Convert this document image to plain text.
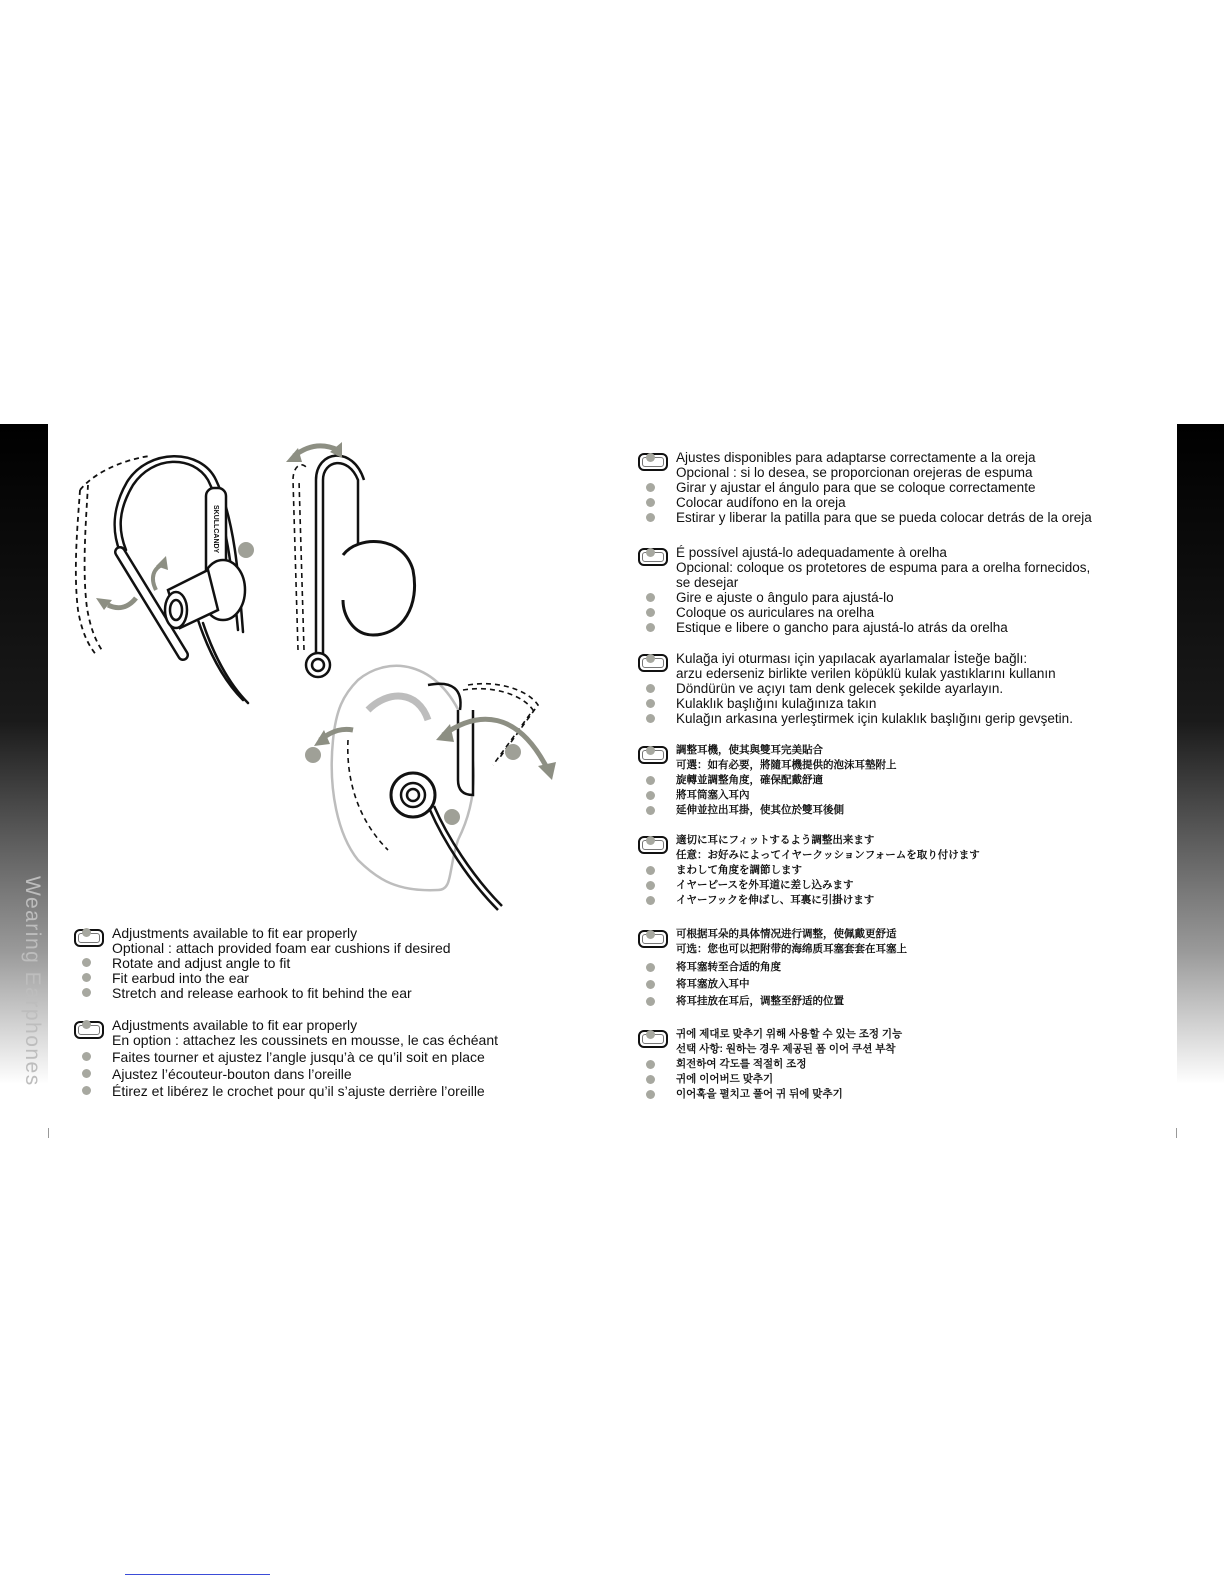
Wearing Earphones
SKULLCANDY
Adjustments available to fit ear properly
Optional : attach provided foam ear cushions if desired
Rotate and adjust angle to fit
Fit earbud into the ear
Stretch and release earhook to fit behind the ear
Adjustments available to fit ear properly
En option : attachez les coussinets en mousse, le cas échéant
Faites tourner et ajustez l’angle jusqu’à ce qu’il soit en place
Ajustez l’écouteur-bouton dans l’oreille
Étirez et libérez le crochet pour qu’il s’ajuste derrière l’oreille
Ajustes disponibles para adaptarse correctamente a la oreja
Opcional : si lo desea, se proporcionan orejeras de espuma
Girar y ajustar el ángulo para que se coloque correctamente
Colocar audífono en la oreja
Estirar y liberar la patilla para que se pueda colocar detrás de la oreja
É possível ajustá-lo adequadamente à orelha
Opcional: coloque os protetores de espuma para a orelha fornecidos,
se desejar
Gire e ajuste o ângulo para ajustá-lo
Coloque os auriculares na orelha
Estique e libere o gancho para ajustá-lo atrás da orelha
Kulağa iyi oturması için yapılacak ayarlamalar İsteğe bağlı:
arzu ederseniz birlikte verilen köpüklü kulak yastıklarını kullanın
Döndürün ve açıyı tam denk gelecek şekilde ayarlayın.
Kulaklık başlığını kulağınıza takın
Kulağın arkasına yerleştirmek için kulaklık başlığını gerip gevşetin.
調整耳機，使其與雙耳完美貼合
可選：如有必要，將隨耳機提供的泡沫耳墊附上
旋轉並調整角度，確保配戴舒適
將耳筒塞入耳內
延伸並拉出耳掛，使其位於雙耳後側
適切に耳にフィットするよう調整出来ます
任意：お好みによってイヤークッションフォームを取り付けます
まわして角度を調節します
イヤーピースを外耳道に差し込みます
イヤーフックを伸ばし、耳裏に引掛けます
可根据耳朵的具体情况进行调整，使佩戴更舒适
可选：您也可以把附带的海绵质耳塞套套在耳塞上
将耳塞转至合适的角度
将耳塞放入耳中
将耳挂放在耳后，调整至舒适的位置
귀에 제대로 맞추기 위해 사용할 수 있는 조정 기능
선택 사항: 원하는 경우 제공된 폼 이어 쿠션 부착
회전하여 각도를 적절히 조정
귀에 이어버드 맞추기
이어훅을 펼치고 풀어 귀 뒤에 맞추기
